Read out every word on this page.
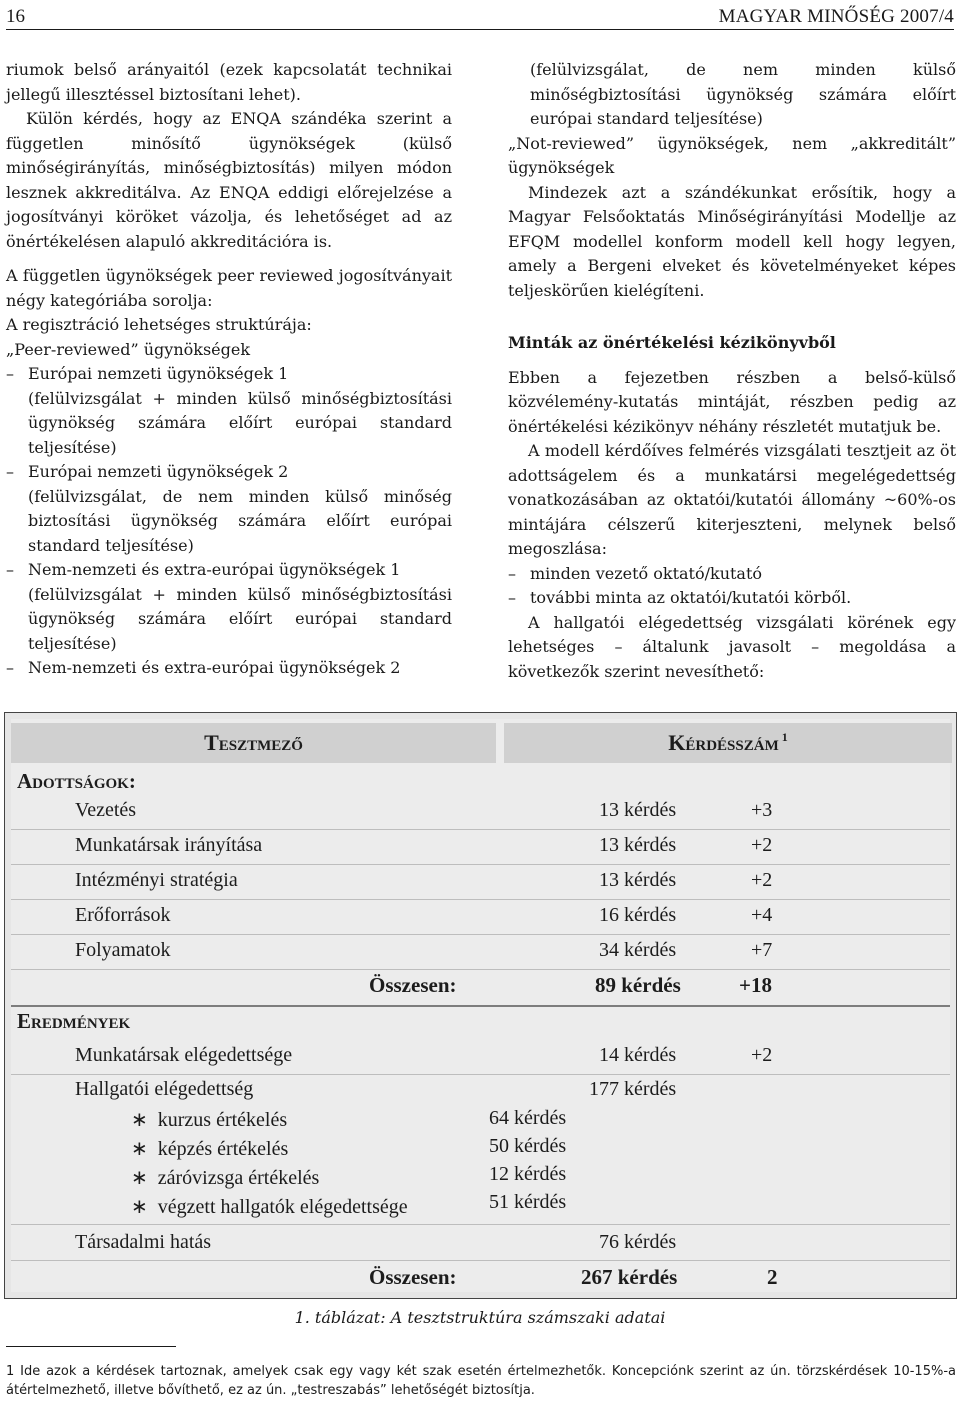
16	MAGYAR MINŐSÉG 2007/4

riumok belső arányaitól (ezek kapcsolatát technikai jellegű illesztéssel biztosítani lehet).

Külön kérdés, hogy az ENQA szándéka szerint a független minősítő ügynökségek (külső minőségirányítás, minőségbiztosítás) milyen módon lesznek akkreditálva. Az ENQA eddigi előrejelzése a jogosítványi köröket vázolja, és lehetőséget ad az önértékelésen alapuló akkreditációra is.

A független ügynökségek peer reviewed jogosítványait négy kategóriába sorolja:

A regisztráció lehetséges struktúrája:

„Peer-reviewed” ügynökségek

– Európai nemzeti ügynökségek 1
(felülvizsgálat + minden külső minőségbiztosítási ügynökség számára előírt európai standard teljesítése)
– Európai nemzeti ügynökségek 2
(felülvizsgálat, de nem minden külső minőség biztosítási ügynökség számára előírt európai standard teljesítése)
– Nem-nemzeti és extra-európai ügynökségek 1
(felülvizsgálat + minden külső minőségbiztosítási ügynökség számára előírt európai standard teljesítése)
– Nem-nemzeti és extra-európai ügynökségek 2
(felülvizsgálat, de nem minden külső minőségbiztosítási ügynökség számára előírt európai standard teljesítése)

„Not-reviewed” ügynökségek, nem „akkreditált” ügynökségek

Mindezek azt a szándékunkat erősítik, hogy a Magyar Felsőoktatás Minőségirányítási Modellje az EFQM modellel konform modell kell hogy legyen, amely a Bergeni elveket és követelményeket képes teljeskörűen kielégíteni.

Minták az önértékelési kézikönyvből

Ebben a fejezetben részben a belső-külső közvélemény-kutatás mintáját, részben pedig az önértékelési kézikönyv néhány részletét mutatjuk be.

A modell kérdőíves felmérés vizsgálati tesztjeit az öt adottságelem és a munkatársi megelégedettség vonatkozásában az oktatói/kutatói állomány ~60%-os mintájára célszerű kiterjeszteni, melynek belső megoszlása:

– minden vezető oktató/kutató
– további minta az oktatói/kutatói körből.

A hallgatói elégedettség vizsgálati körének egy lehetséges – általunk javasolt – megoldása a következők szerint nevesíthető:

Tesztmező	Kérdésszám $^1$
Adottságok:
Vezetés	13 kérdés	+3
Munkatársak irányítása	13 kérdés	+2
Intézményi stratégia	13 kérdés	+2
Erőforrások	16 kérdés	+4
Folyamatok	34 kérdés	+7
Összesen:	89 kérdés	+18
Eredmények
Munkatársak elégedettsége	14 kérdés	+2
Hallgatói elégedettség	177 kérdés
∗ kurzus értékelés	64 kérdés
∗ képzés értékelés	50 kérdés
∗ záróvizsga értékelés	12 kérdés
∗ végzett hallgatók elégedettsége	51 kérdés
Társadalmi hatás	76 kérdés
Összesen:	267 kérdés	2
1. táblázat: A tesztstruktúra számszaki adatai
1 Ide azok a kérdések tartoznak, amelyek csak egy vagy két szak esetén értelmezhetők. Koncepciónk szerint az ún. törzskérdések 10-15%-a átértelmezhető, illetve bővíthető, ez az ún. „testreszabás” lehetőségét biztosítja.
